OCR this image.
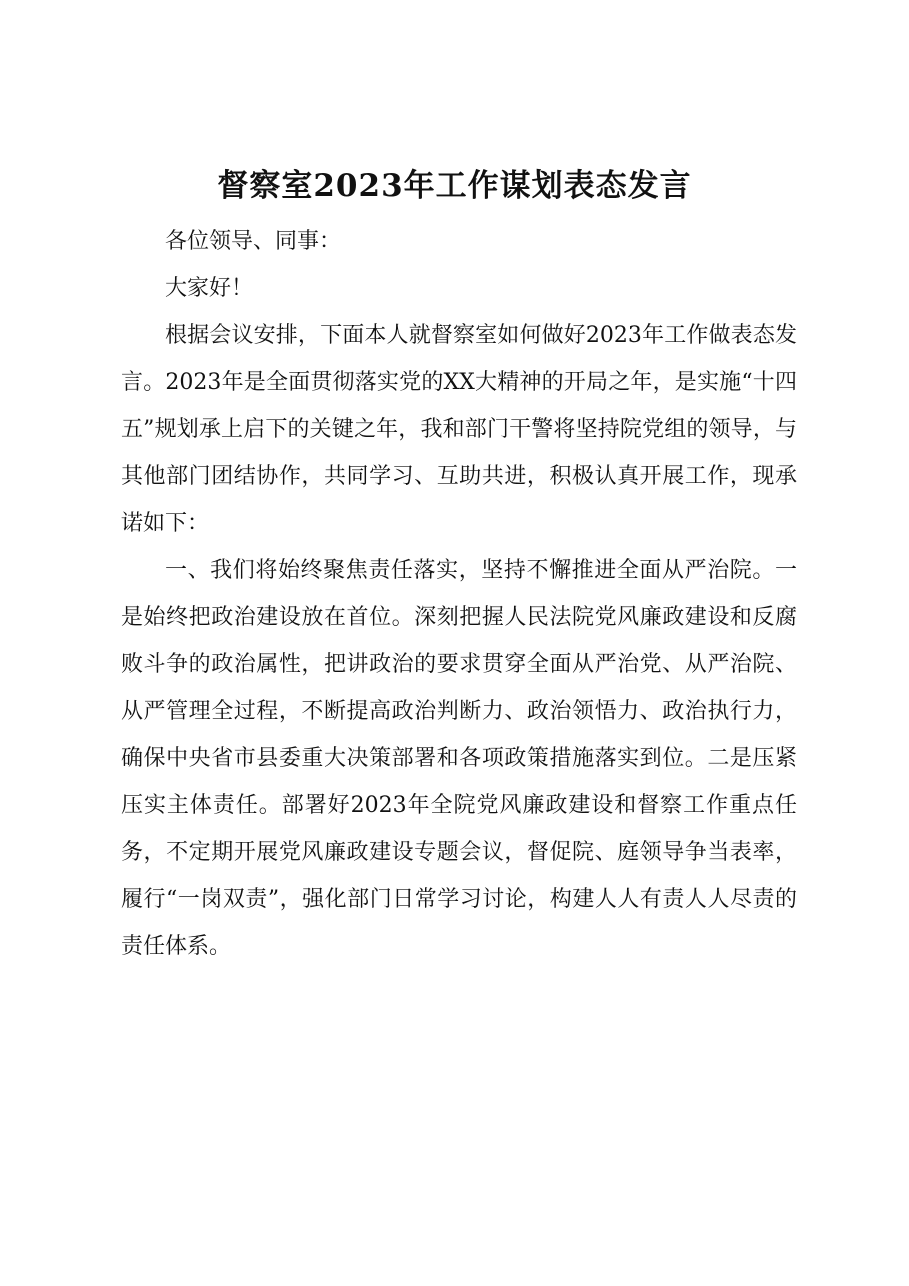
督察室2023年工作谋划表态发言

各位领导、同事：

大家好！

根据会议安排，下面本人就督察室如何做好2023年工作做表态发言。2023年是全面贯彻落实党的XX大精神的开局之年，是实施“十四五”规划承上启下的关键之年，我和部门干警将坚持院党组的领导，与其他部门团结协作，共同学习、互助共进，积极认真开展工作，现承诺如下：

一、我们将始终聚焦责任落实，坚持不懈推进全面从严治院。一是始终把政治建设放在首位。深刻把握人民法院党风廉政建设和反腐败斗争的政治属性，把讲政治的要求贯穿全面从严治党、从严治院、从严管理全过程，不断提高政治判断力、政治领悟力、政治执行力，确保中央省市县委重大决策部署和各项政策措施落实到位。二是压紧压实主体责任。部署好2023年全院党风廉政建设和督察工作重点任务，不定期开展党风廉政建设专题会议，督促院、庭领导争当表率，履行“一岗双责”，强化部门日常学习讨论，构建人人有责人人尽责的责任体系。
